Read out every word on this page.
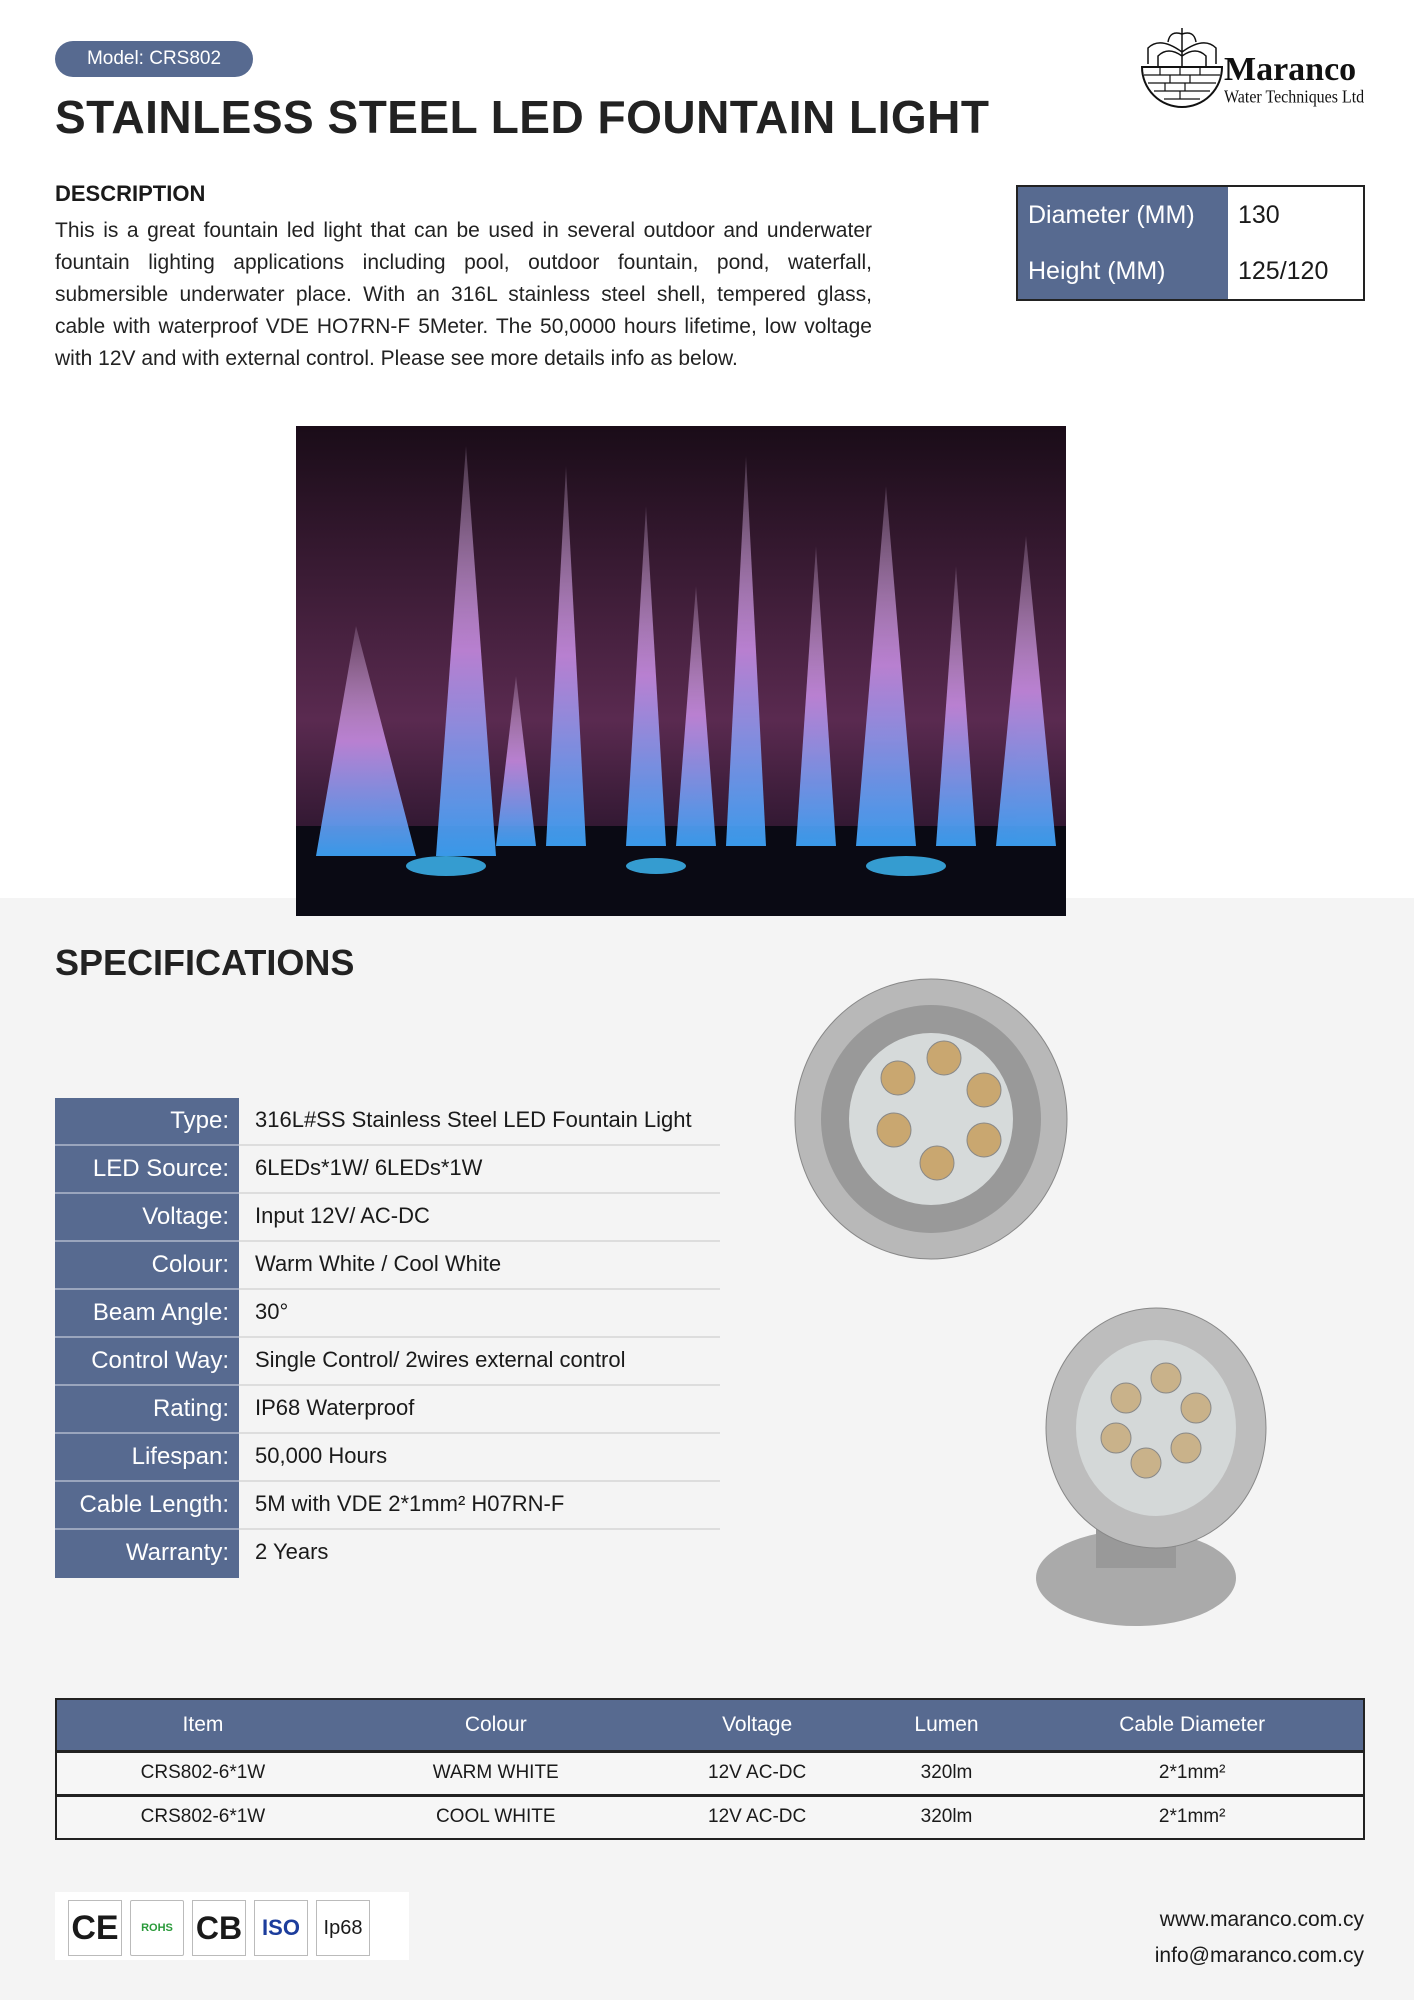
Model: CRS802
STAINLESS STEEL LED FOUNTAIN LIGHT
Maranco
Water Techniques Ltd
DESCRIPTION
This is a great fountain led light that can be used in several outdoor and underwater fountain lighting applications including pool, outdoor fountain, pond, waterfall, submersible underwater place. With an 316L stainless steel shell, tempered glass, cable with waterproof VDE HO7RN-F 5Meter. The 50,0000 hours lifetime, low voltage with 12V and with external control. Please see more details info as below.
Diameter (MM)	130
Height (MM)	125/120
SPECIFICATIONS
Type:	316L#SS Stainless Steel LED Fountain Light
LED Source:	6LEDs*1W/ 6LEDs*1W
Voltage:	Input 12V/ AC-DC
Colour:	Warm White / Cool White
Beam Angle:	30°
Control Way:	Single Control/ 2wires external control
Rating:	IP68 Waterproof
Lifespan:	50,000 Hours
Cable Length:	5M with VDE 2*1mm² H07RN-F
Warranty:	2 Years
Item	Colour	Voltage	Lumen	Cable Diameter
CRS802-6*1W	WARM WHITE	12V AC-DC	320lm	2*1mm²
CRS802-6*1W	COOL WHITE	12V AC-DC	320lm	2*1mm²
CE	ROHS CB ISO	Ip68	www.maranco.com.cy
info@maranco.com.cy
